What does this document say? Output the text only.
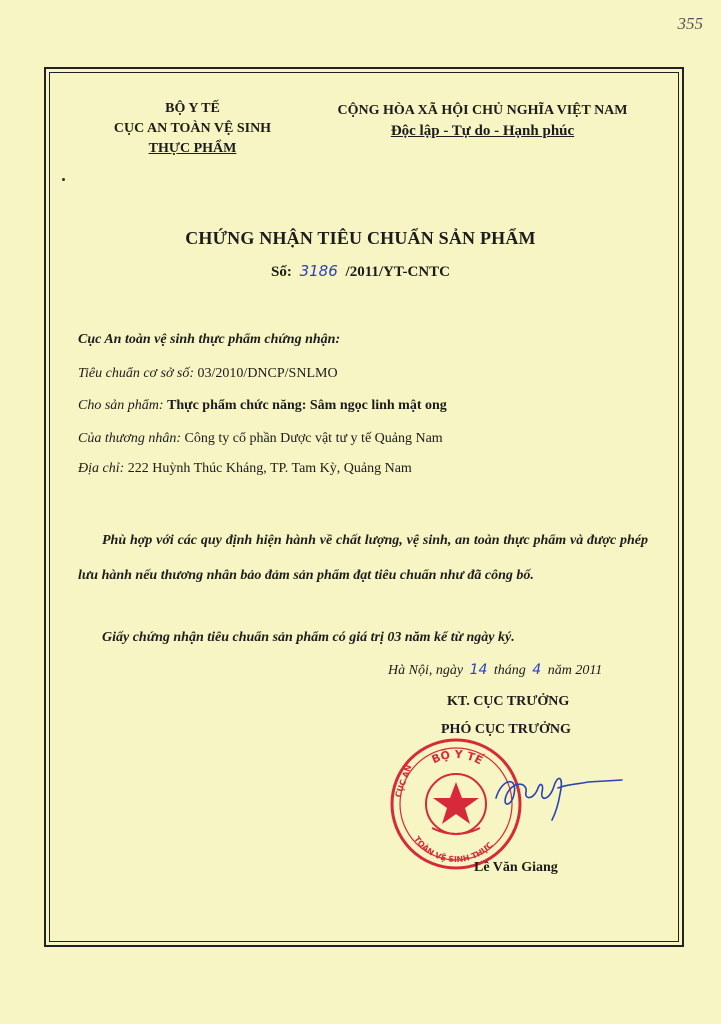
355
BỘ Y TẾ
CỤC AN TOÀN VỆ SINH
THỰC PHẨM
CỘNG HÒA XÃ HỘI CHỦ NGHĨA VIỆT NAM
Độc lập - Tự do - Hạnh phúc
CHỨNG NHẬN TIÊU CHUẨN SẢN PHẨM
Số: 3186 /2011/YT-CNTC
Cục An toàn vệ sinh thực phẩm chứng nhận:
Tiêu chuẩn cơ sở số: 03/2010/DNCP/SNLMO
Cho sản phẩm: Thực phẩm chức năng: Sâm ngọc linh mật ong
Của thương nhân: Công ty cổ phần Dược vật tư y tế Quảng Nam
Địa chỉ: 222 Huỳnh Thúc Kháng, TP. Tam Kỳ, Quảng Nam
Phù hợp với các quy định hiện hành về chất lượng, vệ sinh, an toàn thực phẩm và được phép lưu hành nếu thương nhân bảo đảm sản phẩm đạt tiêu chuẩn như đã công bố.
Giấy chứng nhận tiêu chuẩn sản phẩm có giá trị 03 năm kể từ ngày ký.
Hà Nội, ngày 14 tháng 4 năm 2011
KT. CỤC TRƯỞNG
PHÓ CỤC TRƯỞNG
BỘ Y TẾ
CỤC AN
TOÀN VỆ SINH THỰC
Lê Văn Giang
